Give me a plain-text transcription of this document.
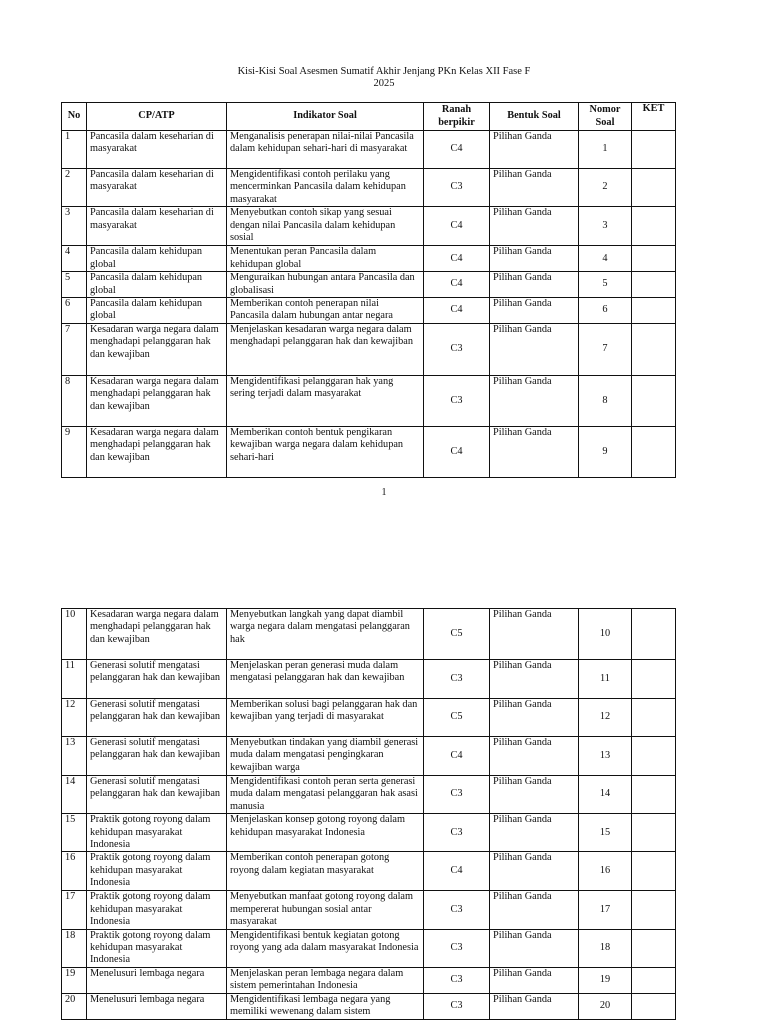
Kisi-Kisi Soal Asesmen Sumatif Akhir Jenjang PKn Kelas XII Fase F
2025
No	CP/ATP	Indikator Soal	Ranah berpikir	Bentuk Soal	Nomor Soal	KET
1	Pancasila dalam keseharian di masyarakat	Menganalisis penerapan nilai-nilai Pancasila dalam kehidupan sehari-hari di masyarakat	C4	Pilihan Ganda	1	
2	Pancasila dalam keseharian di masyarakat	Mengidentifikasi contoh perilaku yang mencerminkan Pancasila dalam kehidupan masyarakat	C3	Pilihan Ganda	2	
3	Pancasila dalam keseharian di masyarakat	Menyebutkan contoh sikap yang sesuai dengan nilai Pancasila dalam kehidupan sosial	C4	Pilihan Ganda	3	
4	Pancasila dalam kehidupan global	Menentukan peran Pancasila dalam kehidupan global	C4	Pilihan Ganda	4	
5	Pancasila dalam kehidupan global	Menguraikan hubungan antara Pancasila dan globalisasi	C4	Pilihan Ganda	5	
6	Pancasila dalam kehidupan global	Memberikan contoh penerapan nilai Pancasila dalam hubungan antar negara	C4	Pilihan Ganda	6	
7	Kesadaran warga negara dalam menghadapi pelanggaran hak dan kewajiban	Menjelaskan kesadaran warga negara dalam menghadapi pelanggaran hak dan kewajiban	C3	Pilihan Ganda	7	
8	Kesadaran warga negara dalam menghadapi pelanggaran hak dan kewajiban	Mengidentifikasi pelanggaran hak yang sering terjadi dalam masyarakat	C3	Pilihan Ganda	8	
9	Kesadaran warga negara dalam menghadapi pelanggaran hak dan kewajiban	Memberikan contoh bentuk pengikaran kewajiban warga negara dalam kehidupan sehari-hari	C4	Pilihan Ganda	9	
1
10	Kesadaran warga negara dalam menghadapi pelanggaran hak dan kewajiban	Menyebutkan langkah yang dapat diambil warga negara dalam mengatasi pelanggaran hak	C5	Pilihan Ganda	10	
11	Generasi solutif mengatasi pelanggaran hak dan kewajiban	Menjelaskan peran generasi muda dalam mengatasi pelanggaran hak dan kewajiban	C3	Pilihan Ganda	11	
12	Generasi solutif mengatasi pelanggaran hak dan kewajiban	Memberikan solusi bagi pelanggaran hak dan kewajiban yang terjadi di masyarakat	C5	Pilihan Ganda	12	
13	Generasi solutif mengatasi pelanggaran hak dan kewajiban	Menyebutkan tindakan yang diambil generasi muda dalam mengatasi pengingkaran kewajiban warga	C4	Pilihan Ganda	13	
14	Generasi solutif mengatasi pelanggaran hak dan kewajiban	Mengidentifikasi contoh peran serta generasi muda dalam mengatasi pelanggaran hak asasi manusia	C3	Pilihan Ganda	14	
15	Praktik gotong royong dalam kehidupan masyarakat Indonesia	Menjelaskan konsep gotong royong dalam kehidupan masyarakat Indonesia	C3	Pilihan Ganda	15	
16	Praktik gotong royong dalam kehidupan masyarakat Indonesia	Memberikan contoh penerapan gotong royong dalam kegiatan masyarakat	C4	Pilihan Ganda	16	
17	Praktik gotong royong dalam kehidupan masyarakat Indonesia	Menyebutkan manfaat gotong royong dalam mempererat hubungan sosial antar masyarakat	C3	Pilihan Ganda	17	
18	Praktik gotong royong dalam kehidupan masyarakat Indonesia	Mengidentifikasi bentuk kegiatan gotong royong yang ada dalam masyarakat Indonesia	C3	Pilihan Ganda	18	
19	Menelusuri lembaga negara	Menjelaskan peran lembaga negara dalam sistem pemerintahan Indonesia	C3	Pilihan Ganda	19	
20	Menelusuri lembaga negara	Mengidentifikasi lembaga negara yang memiliki wewenang dalam sistem	C3	Pilihan Ganda	20	
